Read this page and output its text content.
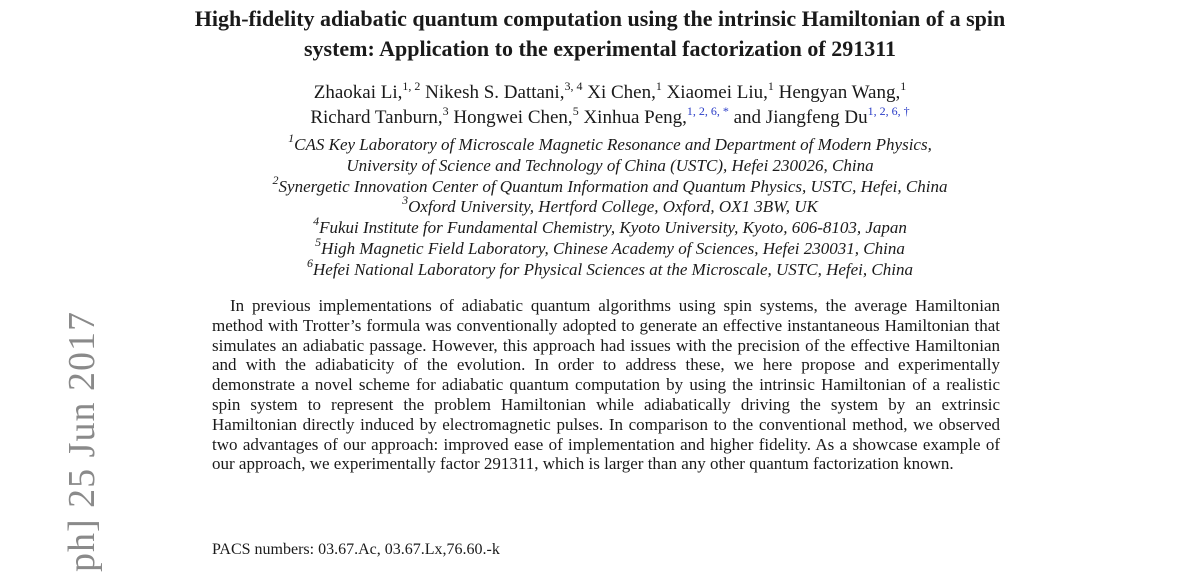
High-fidelity adiabatic quantum computation using the intrinsic Hamiltonian of a spin
system: Application to the experimental factorization of 291311
Zhaokai Li,$^{1, 2}$ Nikesh S. Dattani,$^{3, 4}$ Xi Chen,$^1$ Xiaomei Liu,$^1$ Hengyan Wang,$^1$
Richard Tanburn,$^3$ Hongwei Chen,$^5$ Xinhua Peng,$^{1, 2, 6, *}$ and Jiangfeng $Du^{1, 2, 6, \dagger}$
$^1$CAS Key Laboratory of Microscale Magnetic Resonance and Department of Modern Physics,
University of Science and Technology of China (USTC), Hefei 230026, China
$^2$Synergetic Innovation Center of Quantum Information and Quantum Physics, USTC, Hefei, China
$^3$Oxford University, Hertford College, Oxford, OX1 3BW, UK
$^4$Fukui Institute for Fundamental Chemistry, Kyoto University, Kyoto, 606-8103, Japan
$^5$High Magnetic Field Laboratory, Chinese Academy of Sciences, Hefei 230031, China
$^6$Hefei National Laboratory for Physical Sciences at the Microscale, USTC, Hefei, China

In previous implementations of adiabatic quantum algorithms using spin systems, the average Hamiltonian method with Trotter’s formula was conventionally adopted to generate an effective instantaneous Hamiltonian that simulates an adiabatic passage. However, this approach had issues with the precision of the effective Hamiltonian and with the adiabaticity of the evolution. In order to address these, we here propose and experimentally demonstrate a novel scheme for adiabatic quantum computation by using the intrinsic Hamiltonian of a realistic spin system to represent the problem Hamiltonian while adiabatically driving the system by an extrinsic Hamiltonian directly induced by electromagnetic pulses. In comparison to the conventional method, we observed two advantages of our approach: improved ease of implementation and higher fidelity. As a showcase example of our approach, we experimentally factor 291311, which is larger than any other quantum factorization known.

PACS numbers: 03.67.Ac, 03.67.Lx,76.60.-k
ph] 25 Jun 2017
